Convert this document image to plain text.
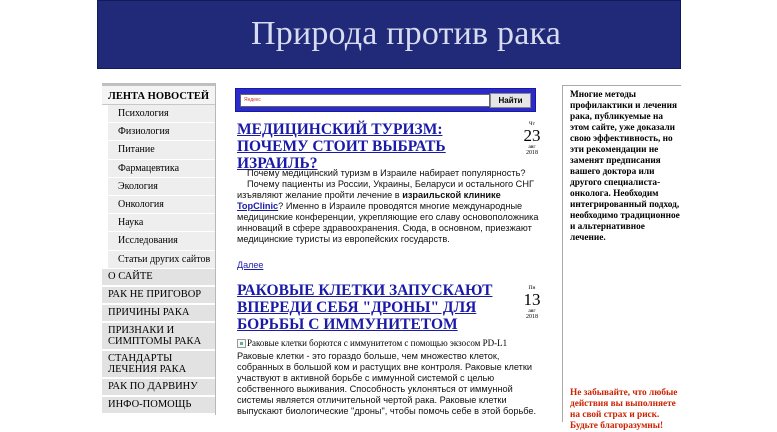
Природа против рака
ЛЕНТА НОВОСТЕЙ
Психология
Физиология
Питание
Фармацевтика
Экология
Онкология
Наука
Исследования
Статьи других сайтов
О САЙТЕ
РАК НЕ ПРИГОВОР
ПРИЧИНЫ РАКА
ПРИЗНАКИ И СИМПТОМЫ РАКА
СТАНДАРТЫ ЛЕЧЕНИЯ РАКА
РАК ПО ДАРВИНУ
ИНФО-ПОМОЩЬ
Яндекс	Найти
МЕДИЦИНСКИЙ ТУРИЗМ: ПОЧЕМУ СТОИТ ВЫБРАТЬ ИЗРАИЛЬ?
Чт
23
авг
2018
Почему медицинский туризм в Израиле набирает популярность?
Почему пациенты из России, Украины, Беларуси и остального СНГ изъявляют желание пройти лечение в израильской клинике TopClinic? Именно в Израиле проводятся многие международные медицинские конференции, укрепляющие его славу основоположника инноваций в сфере здравоохранения. Сюда, в основном, приезжают медицинские туристы из европейских государств.
Далее
РАКОВЫЕ КЛЕТКИ ЗАПУСКАЮТ ВПЕРЕДИ СЕБЯ "ДРОНЫ" ДЛЯ БОРЬБЫ С ИММУНИТЕТОМ
Пн
13
авг
2018
Раковые клетки борются с иммунитетом с помощью экзосом PD-L1
Раковые клетки - это гораздо больше, чем множество клеток, собранных в большой ком и растущих вне контроля. Раковые клетки участвуют в активной борьбе с иммунной системой с целью собственного выживания. Способность уклоняться от иммунной системы является отличительной чертой рака. Раковые клетки выпускают биологические "дроны", чтобы помочь себе в этой борьбе.
Многие методы профилактики и лечения рака, публикуемые на этом сайте, уже доказали свою эффективность, но эти рекомендации не заменят предписания вашего доктора или другого специалиста-онколога. Необходим интегрированный подход, необходимо традиционное и альтернативное лечение.
Не забывайте, что любые действия вы выполняете на свой страх и риск. Будьте благоразумны!
